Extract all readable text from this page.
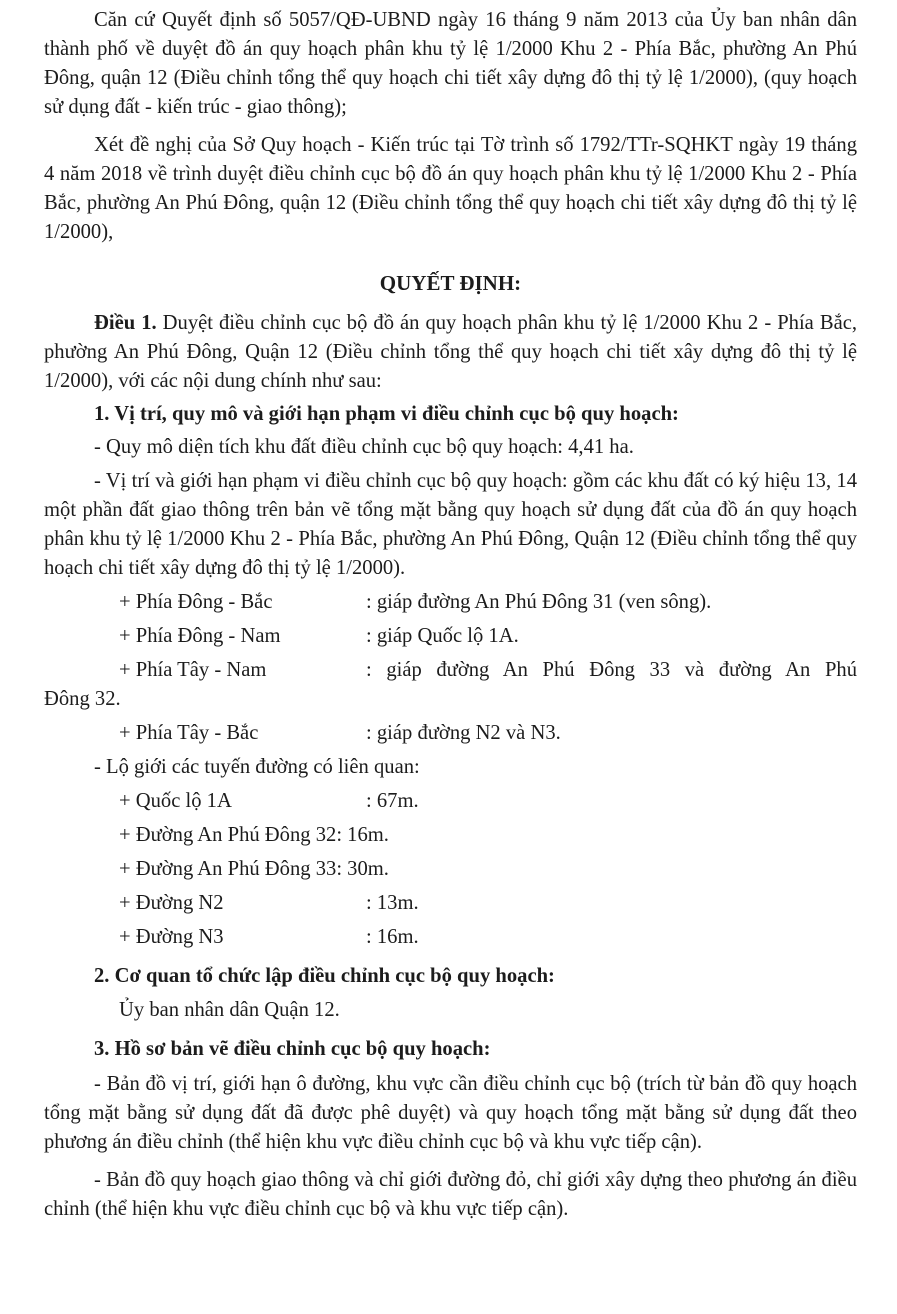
Căn cứ Quyết định số 5057/QĐ-UBND ngày 16 tháng 9 năm 2013 của Ủy ban nhân dân thành phố về duyệt đồ án quy hoạch phân khu tỷ lệ 1/2000 Khu 2 - Phía Bắc, phường An Phú Đông, quận 12 (Điều chỉnh tổng thể quy hoạch chi tiết xây dựng đô thị tỷ lệ 1/2000), (quy hoạch sử dụng đất - kiến trúc - giao thông);

Xét đề nghị của Sở Quy hoạch - Kiến trúc tại Tờ trình số 1792/TTr-SQHKT ngày 19 tháng 4 năm 2018 về trình duyệt điều chỉnh cục bộ đồ án quy hoạch phân khu tỷ lệ 1/2000 Khu 2 - Phía Bắc, phường An Phú Đông, quận 12 (Điều chỉnh tổng thể quy hoạch chi tiết xây dựng đô thị tỷ lệ 1/2000),

QUYẾT ĐỊNH:

Điều 1. Duyệt điều chỉnh cục bộ đồ án quy hoạch phân khu tỷ lệ 1/2000 Khu 2 - Phía Bắc, phường An Phú Đông, Quận 12 (Điều chỉnh tổng thể quy hoạch chi tiết xây dựng đô thị tỷ lệ 1/2000), với các nội dung chính như sau:

1. Vị trí, quy mô và giới hạn phạm vi điều chỉnh cục bộ quy hoạch:

- Quy mô diện tích khu đất điều chỉnh cục bộ quy hoạch: 4,41 ha.

- Vị trí và giới hạn phạm vi điều chỉnh cục bộ quy hoạch: gồm các khu đất có ký hiệu 13, 14 một phần đất giao thông trên bản vẽ tổng mặt bằng quy hoạch sử dụng đất của đồ án quy hoạch phân khu tỷ lệ 1/2000 Khu 2 - Phía Bắc, phường An Phú Đông, Quận 12 (Điều chỉnh tổng thể quy hoạch chi tiết xây dựng đô thị tỷ lệ 1/2000).

+ Phía Đông - Bắc	: giáp đường An Phú Đông 31 (ven sông).
+ Phía Đông - Nam	: giáp Quốc lộ 1A.
+ Phía Tây - Nam	: giáp đường An Phú Đông 33 và đường An Phú

Đông 32.

+ Phía Tây - Bắc	: giáp đường N2 và N3.

- Lộ giới các tuyến đường có liên quan:

+ Quốc lộ 1A	: 67m.
+ Đường An Phú Đông 32 : 16m.
+ Đường An Phú Đông 33 : 30m.
+ Đường N2	: 13m.
+ Đường N3	: 16m.

2. Cơ quan tổ chức lập điều chỉnh cục bộ quy hoạch:

Ủy ban nhân dân Quận 12.

3. Hồ sơ bản vẽ điều chỉnh cục bộ quy hoạch:

- Bản đồ vị trí, giới hạn ô đường, khu vực cần điều chỉnh cục bộ (trích từ bản đồ quy hoạch tổng mặt bằng sử dụng đất đã được phê duyệt) và quy hoạch tổng mặt bằng sử dụng đất theo phương án điều chỉnh (thể hiện khu vực điều chỉnh cục bộ và khu vực tiếp cận).

- Bản đồ quy hoạch giao thông và chỉ giới đường đỏ, chỉ giới xây dựng theo phương án điều chỉnh (thể hiện khu vực điều chỉnh cục bộ và khu vực tiếp cận).
